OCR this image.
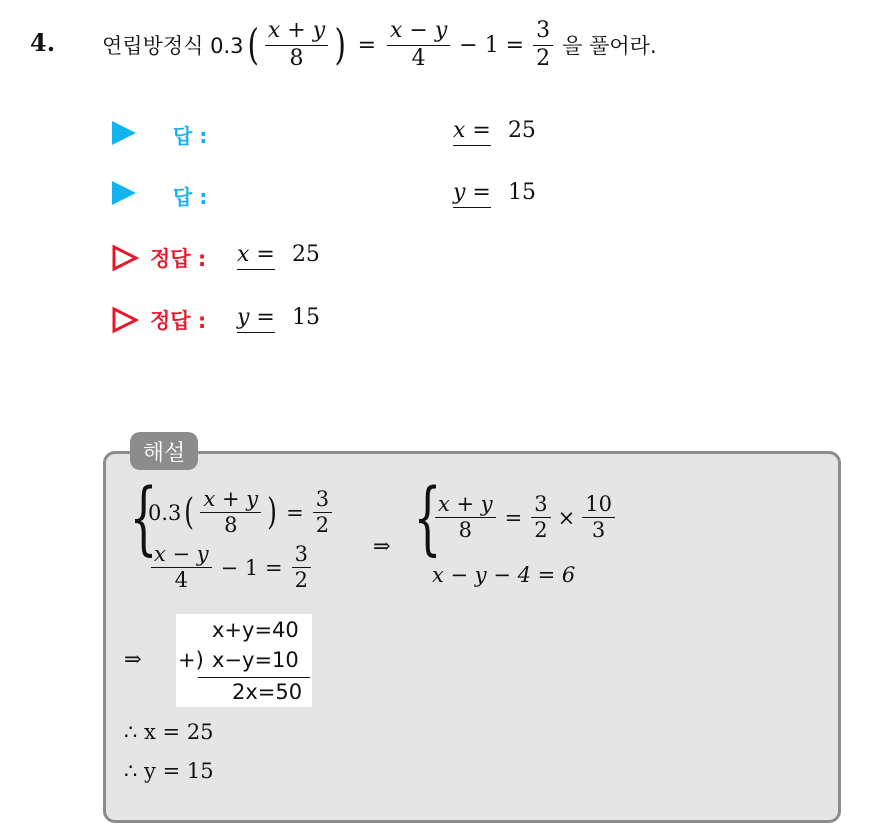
4. 연립방정식 0.3 ( $\frac{x + y}{8}$ ) = $\frac{x - y}{4} - 1 = \frac{3}{2}$ 을 풀어라.
답 :	x = 25
답 :	y = 15
정답 : x = 25
정답 : y = 15
해설
{
0.3 ( $\frac{x + y}{8}$ ) = $\frac{3}{2}$
$\frac{x - y}{4} - 1 = \frac{3}{2}$	⇒ {
$\frac{x + y}{8} = \frac{3}{2} \times \frac{10}{3}$
x − y − 4 = 6
⇒
x+y=40
+) x−y=10
2x=50
∴ x = 25
∴ y = 15
